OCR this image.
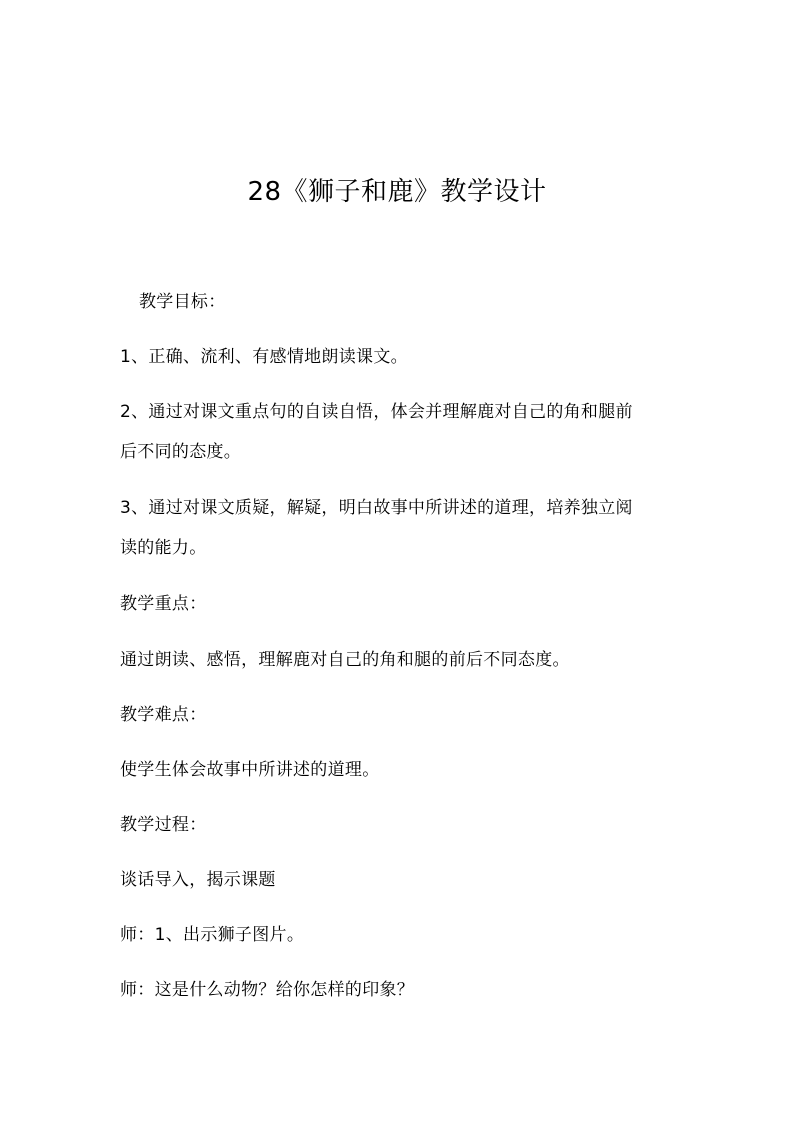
28《狮子和鹿》教学设计
教学目标：
1、正确、流利、有感情地朗读课文。
2、通过对课文重点句的自读自悟，体会并理解鹿对自己的角和腿前
后不同的态度。
3、通过对课文质疑，解疑，明白故事中所讲述的道理，培养独立阅
读的能力。
教学重点：
通过朗读、感悟，理解鹿对自己的角和腿的前后不同态度。
教学难点：
使学生体会故事中所讲述的道理。
教学过程：
谈话导入，揭示课题
师：1、出示狮子图片。
师：这是什么动物？给你怎样的印象？
